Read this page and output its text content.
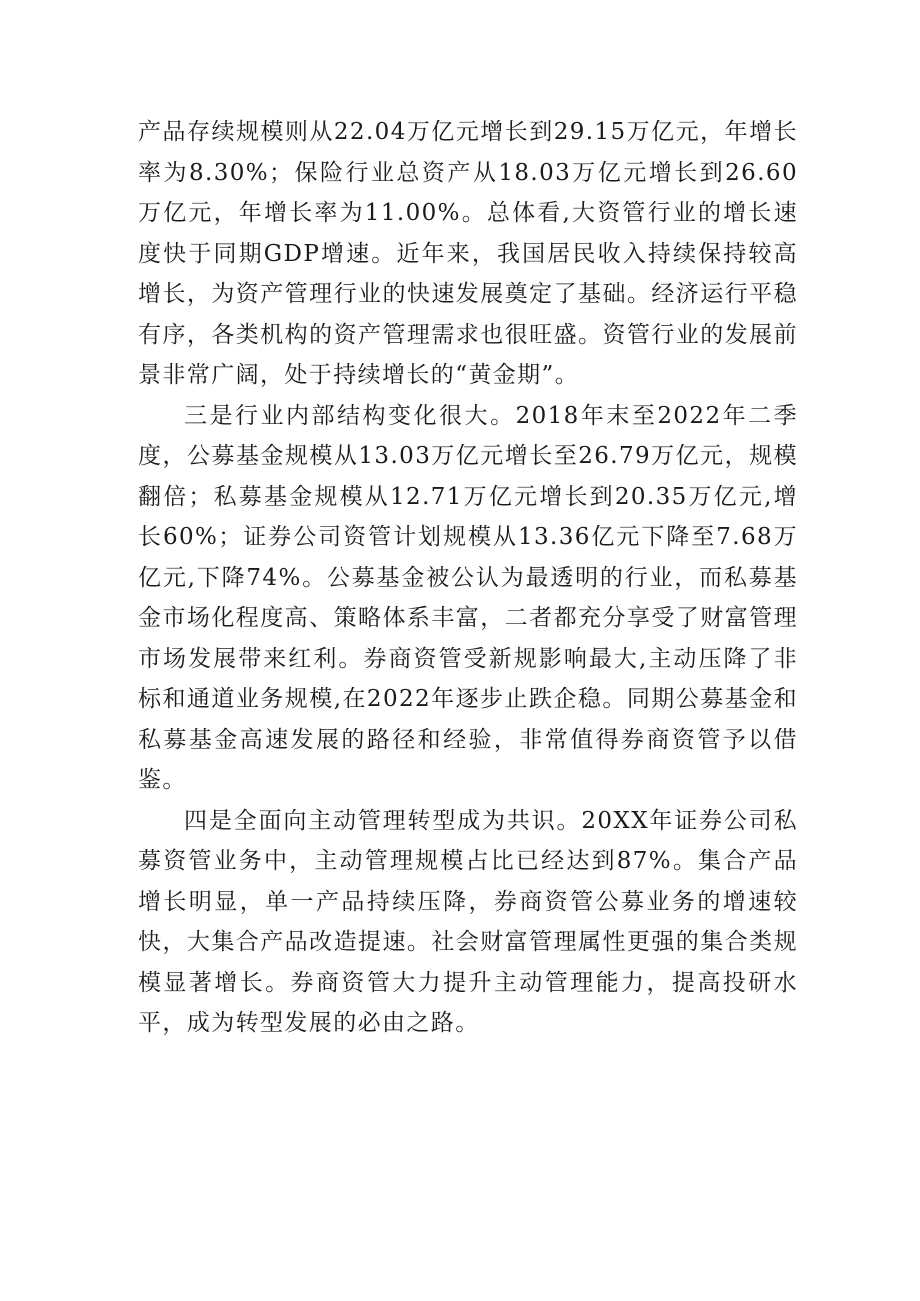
产品存续规模则从22.04万亿元增长到29.15万亿元，年增长率为8.30%；保险行业总资产从18.03万亿元增长到26.60万亿元，年增长率为11.00%。总体看,大资管行业的增长速度快于同期GDP增速。近年来，我国居民收入持续保持较高增长，为资产管理行业的快速发展奠定了基础。经济运行平稳有序，各类机构的资产管理需求也很旺盛。资管行业的发展前景非常广阔，处于持续增长的“黄金期”。

三是行业内部结构变化很大。2018年末至2022年二季度，公募基金规模从13.03万亿元增长至26.79万亿元，规模翻倍；私募基金规模从12.71万亿元增长到20.35万亿元,增长60%；证券公司资管计划规模从13.36亿元下降至7.68万亿元,下降74%。公募基金被公认为最透明的行业，而私募基金市场化程度高、策略体系丰富，二者都充分享受了财富管理市场发展带来红利。券商资管受新规影响最大,主动压降了非标和通道业务规模,在2022年逐步止跌企稳。同期公募基金和私募基金高速发展的路径和经验，非常值得券商资管予以借鉴。

四是全面向主动管理转型成为共识。20XX年证券公司私募资管业务中，主动管理规模占比已经达到87%。集合产品增长明显，单一产品持续压降，券商资管公募业务的增速较快，大集合产品改造提速。社会财富管理属性更强的集合类规模显著增长。券商资管大力提升主动管理能力，提高投研水平，成为转型发展的必由之路。
